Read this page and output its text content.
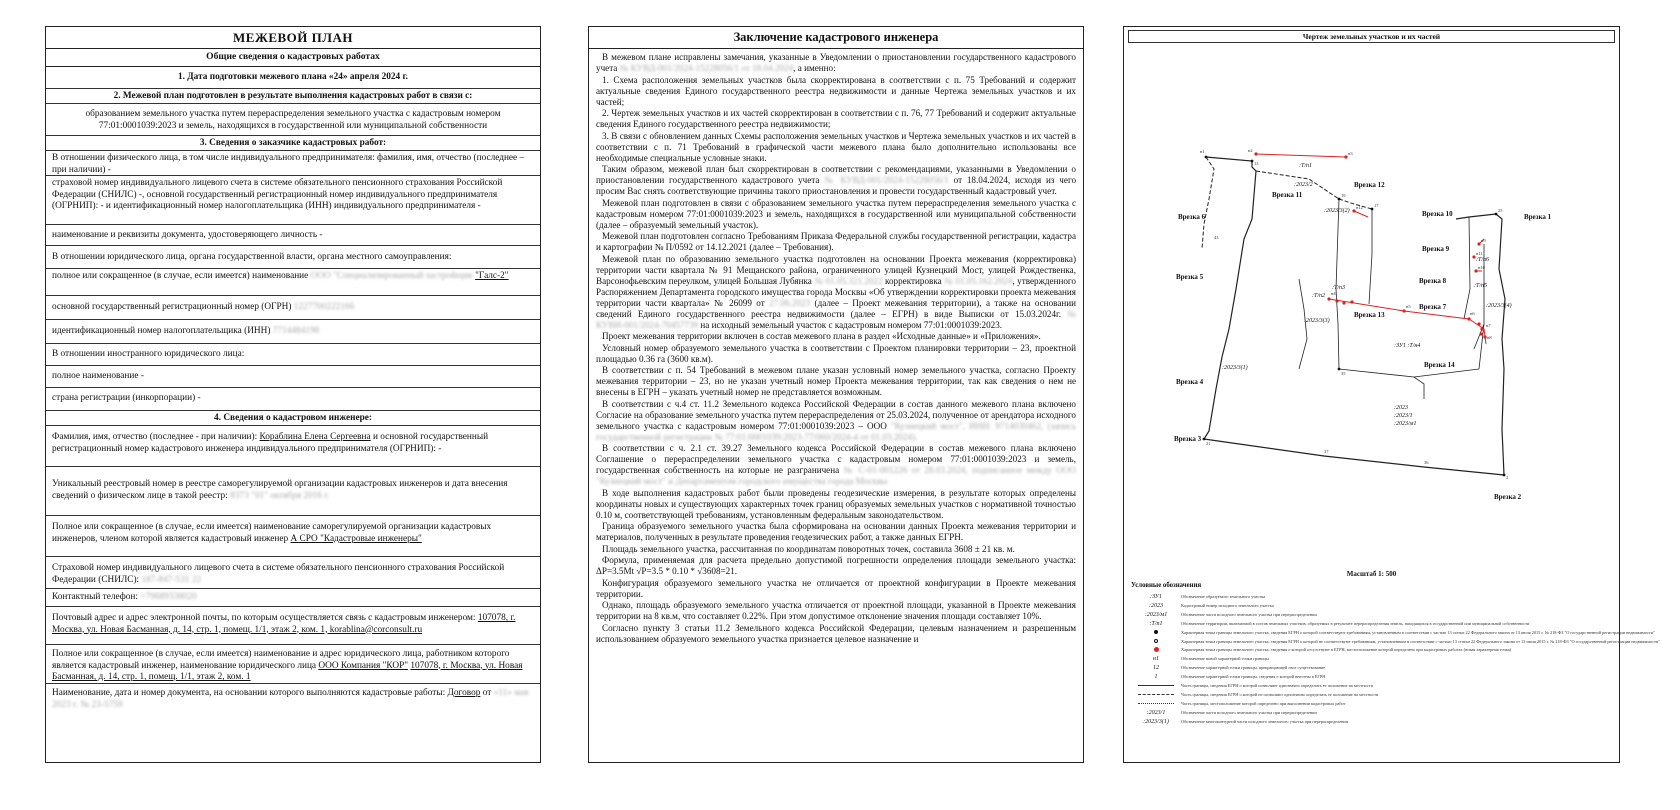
МЕЖЕВОЙ ПЛАН
Общие сведения о кадастровых работах
1. Дата подготовки межевого плана «24» апреля 2024 г.
2. Межевой план подготовлен в результате выполнения кадастровых работ в связи с:
образованием земельного участка путем перераспределения земельного участка с кадастровым номером 77:01:0001039:2023 и земель, находящихся в государственной или муниципальной собственности
3. Сведения о заказчике кадастровых работ:
В отношении физического лица, в том числе индивидуального предпринимателя: фамилия, имя, отчество (последнее – при наличии) -
страховой номер индивидуального лицевого счета в системе обязательного пенсионного страхования Российской Федерации (СНИЛС) -, основной государственный регистрационный номер индивидуального предпринимателя (ОГРНИП): - и идентификационный номер налогоплательщика (ИНН) индивидуального предпринимателя -
наименование и реквизиты документа, удостоверяющего личность -
В отношении юридического лица, органа государственной власти, органа местного самоуправления:
полное или сокращенное (в случае, если имеется) наименование ООО "Специализированный застройщик "Галс-2"
основной государственный регистрационный номер (ОГРН) 1227700222166
идентификационный номер налогоплательщика (ИНН) 7714484198
В отношении иностранного юридического лица:
полное наименование -
страна регистрации (инкорпорации) -
4. Сведения о кадастровом инженере:
Фамилия, имя, отчество (последнее - при наличии): Кораблина Елена Сергеевна и основной государственный регистрационный номер кадастрового инженера индивидуального предпринимателя (ОГРНИП): -
Уникальный реестровый номер в реестре саморегулируемой организации кадастровых инженеров и дата внесения сведений о физическом лице в такой реестр: 8373 "01" октября 2016 г.
Полное или сокращенное (в случае, если имеется) наименование саморегулируемой организации кадастровых инженеров, членом которой является кадастровый инженер А СРО "Кадастровые инженеры"
Страховой номер индивидуального лицевого счета в системе обязательного пенсионного страхования Российской Федерации (СНИЛС): 187-847-531 22
Контактный телефон: +79689338020
Почтовый адрес и адрес электронной почты, по которым осуществляется связь с кадастровым инженером: 107078, г. Москва, ул. Новая Басманная, д. 14, стр. 1, помещ. 1/1, этаж 2, ком. 1, korablina@corconsult.ru
Полное или сокращенное (в случае, если имеется) наименование и адрес юридического лица, работником которого является кадастровый инженер, наименование юридического лица ООО Компания "КОР" 107078, г. Москва, ул. Новая Басманная, д. 14, стр. 1, помещ. 1/1, этаж 2, ком. 1
Наименование, дата и номер документа, на основании которого выполняются кадастровые работы: Договор от «11» мая 2023 г. № 23-5759
Заключение кадастрового инженера

В межевом плане исправлены замечания, указанные в Уведомлении о приостановлении государственного кадастрового учета № КУВД-001/2024-15228056/1 от 18.04.2024, а именно:

1. Схема расположения земельных участков была скорректирована в соответствии с п. 75 Требований и содержит актуальные сведения Единого государственного реестра недвижимости и данные Чертежа земельных участков и их частей;

2. Чертеж земельных участков и их частей скорректирован в соответствии с п. 76, 77 Требований и содержит актуальные сведения Единого государственного реестра недвижимости;

3. В связи с обновлением данных Схемы расположения земельных участков и Чертежа земельных участков и их частей в соответствии с п. 71 Требований в графической части межевого плана было дополнительно использованы все необходимые специальные условные знаки.

Таким образом, межевой план был скорректирован в соответствии с рекомендациями, указанными в Уведомлении о приостановлении государственного кадастрового учета № КУВД-001/2024-15228056/1 от 18.04.2024, исходя из чего просим Вас снять соответствующие причины такого приостановления и провести государственный кадастровый учет.

Межевой план подготовлен в связи с образованием земельного участка путем перераспределения земельного участка с кадастровым номером 77:01:0001039:2023 и земель, находящихся в государственной или муниципальной собственности (далее – образуемый земельный участок).

Межевой план подготовлен согласно Требованиям Приказа Федеральной службы государственной регистрации, кадастра и картографии № П/0592 от 14.12.2021 (далее – Требования).

Межевой план по образованию земельного участка подготовлен на основании Проекта межевания (корректировка) территории части квартала № 91 Мещанского района, ограниченного улицей Кузнецкий Мост, улицей Рождественка, Варсонофьевским переулком, улицей Большая Лубянка № 01.05.321.2022 корректировка № 01.05.162.2024, утвержденного Распоряжением Департамента городского имущества города Москвы «Об утверждении корректировки проекта межевания территории части квартала» № 26099 от 27.06.2023 (далее – Проект межевания территории), а также на основании сведений Единого государственного реестра недвижимости (далее – ЕГРН) в виде Выписки от 15.03.2024г. № КУВИ-001/2024-70457739 на исходный земельный участок с кадастровым номером 77:01:0001039:2023.

Проект межевания территории включен в состав межевого плана в раздел «Исходные данные» и «Приложения».

Условный номер образуемого земельного участка в соответствии с Проектом планировки территории – 23, проектной площадью 0.36 га (3600 кв.м).

В соответствии с п. 54 Требований в межевом плане указан условный номер земельного участка, согласно Проекту межевания территории – 23, но не указан учетный номер Проекта межевания территории, так как сведения о нем не внесены в ЕГРН – указать учетный номер не представляется возможным.

В соответствии с ч.4 ст. 11.2 Земельного кодекса Российской Федерации в состав данного межевого плана включено Согласие на образование земельного участка путем перераспределения от 25.03.2024, полученное от арендатора исходного земельного участка с кадастровым номером 77:01:0001039:2023 – ООО "Кузнецкий мост", ИНН: 9714030462, (запись государственной регистрации № 77:01:0001039:2023-77/060/2024-4 от 01.03.2024).

В соответствии с ч. 2.1 ст. 39.27 Земельного кодекса Российской Федерации в состав межевого плана включено Соглашение о перераспределении земельного участка с кадастровым номером 77:01:0001039:2023 и земель, государственная собственность на которые не разграничена № С-01-001226 от 28.03.2024, подписанное между ООО "Кузнецкий мост" и Департаментом городского имущества города Москвы

В ходе выполнения кадастровых работ были проведены геодезические измерения, в результате которых определены координаты новых и существующих характерных точек границ образуемых земельных участков с нормативной точностью 0.10 м, соответствующей требованиям, установленным федеральным законодательством.

Граница образуемого земельного участка была сформирована на основании данных Проекта межевания территории и материалов, полученных в результате проведения геодезических работ, а также данных ЕГРН.

Площадь земельного участка, рассчитанная по координатам поворотных точек, составила 3608 ± 21 кв. м.

Формула, применяемая для расчета предельно допустимой погрешности определения площади земельного участка: ΔР=3.5Мt √Р=3.5 * 0.10 * √3608=21.

Конфигурация образуемого земельного участка не отличается от проектной конфигурации в Проекте межевания территории.

Однако, площадь образуемого земельного участка отличается от проектной площади, указанной в Проекте межевания территории на 8 кв.м, что составляет 0.22%. При этом допустимое отклонение значения площади составляет 10%.

Согласно пункту 3 статьи 11.2 Земельного кодекса Российской Федерации, целевым назначением и разрешенным использованием образуемого земельного участка признается целевое назначение и

Чертеж земельных участков и их частей
Врезка 1
Врезка 2
Врезка 3
Врезка 4
Врезка 5
Врезка 6
Врезка 7
Врезка 8
Врезка 9
Врезка 10
Врезка 11
Врезка 12
Врезка 13
Врезка 14
:Т/п1
:2023/2
:2023/3(2)
:Т/п2
:Т/п3
:2023/3(3)
:Т/п5
:Т/п6
:2023/3(4)
:ЗУ1 :Т/н4
:2023/3(1)
:2023
:2023/1
:2023/м1
н1	н2
н3
н4
н5
н6
н7
н8
н9
н10
н11
н12
2
25
21
13
19
17
35
37
36
43
Масштаб 1: 500
Условные обозначения
:ЗУ1	Обозначение образуемого земельного участка
:2023	Кадастровый номер исходного земельного участка
:2023/м1	Обозначение части исходного земельного участка при перераспределении
:Т/п1	Обозначение территории, включаемой в состав земельных участков, образуемых в результате перераспределения земель, находящихся в государственной или муниципальной собственности
Характерная точка границы земельного участка, сведения ЕГРН о которой соответствуют требованиям, установленным в соответствии с частью 13 статьи 22 Федерального закона от 13 июля 2015 г. № 218-ФЗ "О государственной регистрации недвижимости"
Характерная точка границы земельного участка, сведения ЕГРН о которой не соответствуют требованиям, установленным в соответствии с частью 13 статьи 22 Федерального закона от 13 июля 2015 г. № 218-ФЗ "О государственной регистрации недвижимости"
Характерная точка границы земельного участка, сведения о которой отсутствуют в ЕГРН, местоположение которой определено при кадастровых работах (новая характерная точка)
н1	Обозначение новой характерной точки границы
12	Обозначение характерной точки границы, прекращающей свое существование
1	Обозначение характерной точки границы, сведения о которой внесены в ЕГРН
Часть границы, сведения ЕГРН о которой позволяют однозначно определить ее положение на местности
Часть границы, сведения ЕГРН о которой не позволяют однозначно определить ее положение на местности
Часть границы, местоположение которой определено при выполнении кадастровых работ
:2023/1	Обозначение части исходного земельного участка при перераспределении
:2023/3(1)	Обозначение многоконтурной части исходного земельного участка при перераспределении
